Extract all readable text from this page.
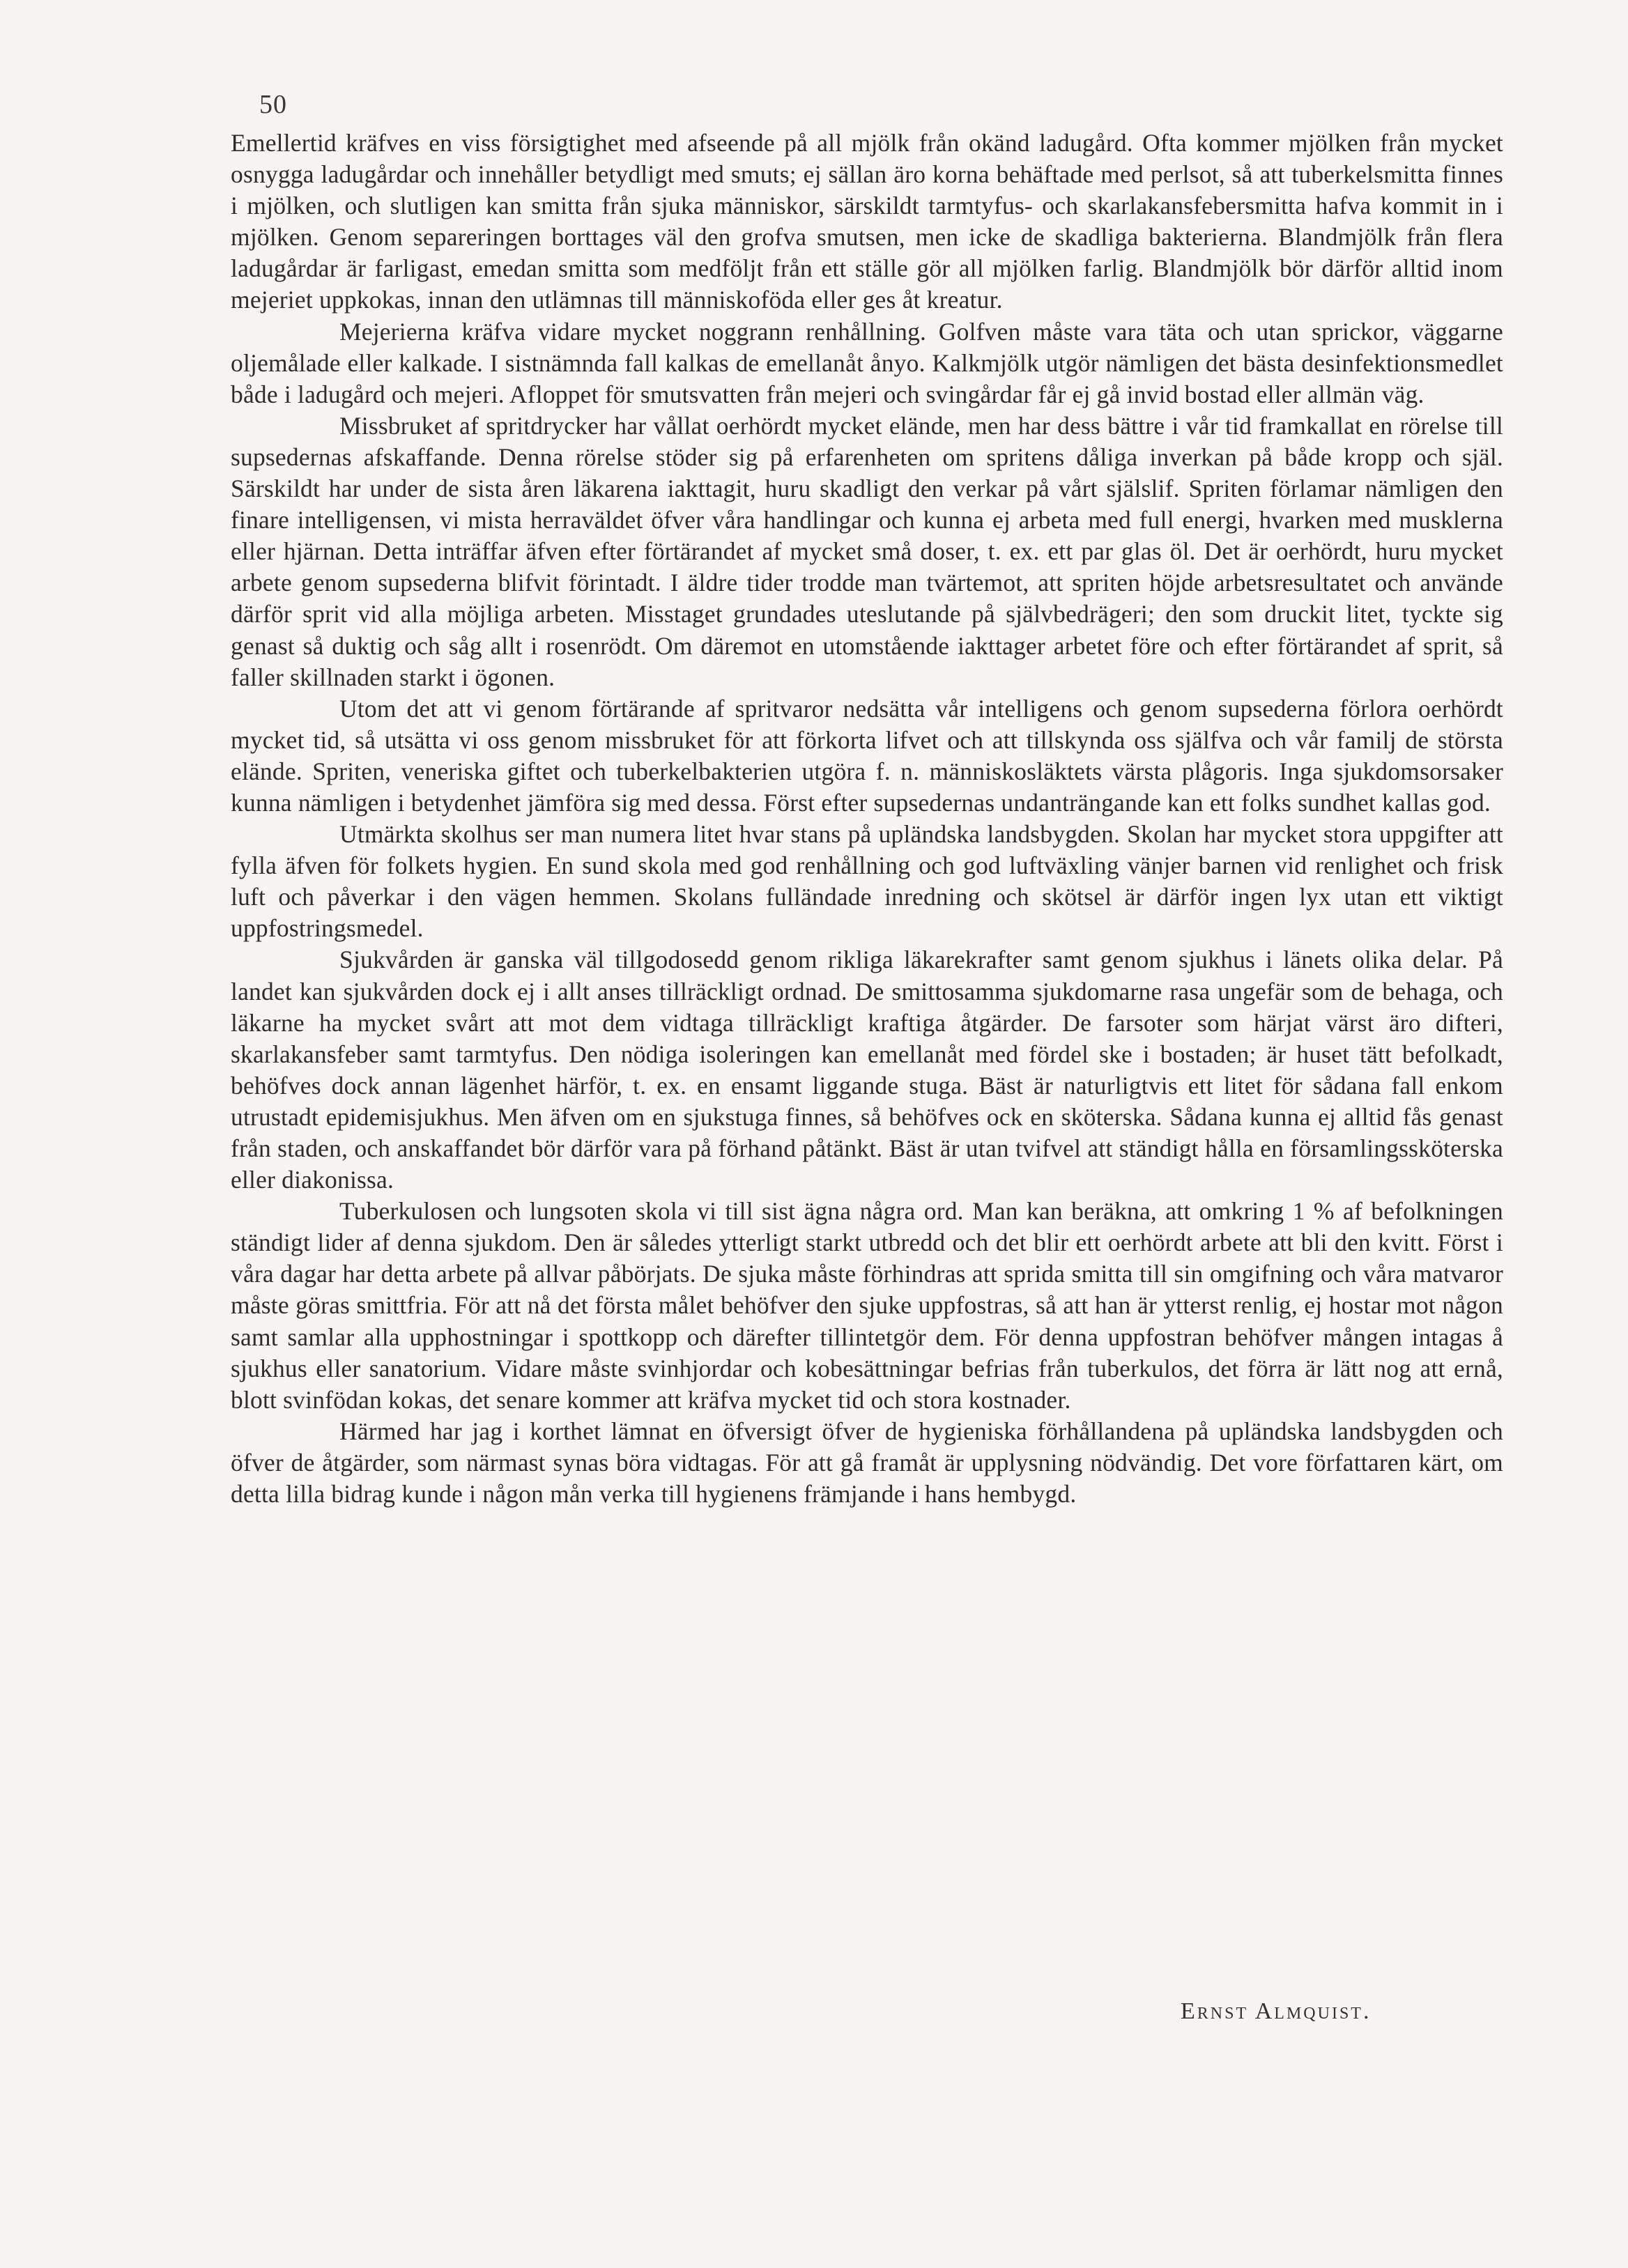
50

Emellertid kräfves en viss försigtighet med afseende på all mjölk från okänd ladugård. Ofta kommer mjölken från mycket osnygga ladugårdar och innehåller betydligt med smuts; ej sällan äro korna behäftade med perlsot, så att tuberkelsmitta finnes i mjölken, och slutligen kan smitta från sjuka människor, särskildt tarmtyfus- och skarlakansfebersmitta hafva kommit in i mjölken. Genom separeringen borttages väl den grofva smutsen, men icke de skadliga bakterierna. Blandmjölk från flera ladugårdar är farligast, emedan smitta som medföljt från ett ställe gör all mjölken farlig. Blandmjölk bör därför alltid inom mejeriet uppkokas, innan den utlämnas till människoföda eller ges åt kreatur.

Mejerierna kräfva vidare mycket noggrann renhållning. Golfven måste vara täta och utan sprickor, väggarne oljemålade eller kalkade. I sistnämnda fall kalkas de emellanåt ånyo. Kalkmjölk utgör nämligen det bästa desinfektionsmedlet både i ladugård och mejeri. Afloppet för smutsvatten från mejeri och svingårdar får ej gå invid bostad eller allmän väg.

Missbruket af spritdrycker har vållat oerhördt mycket elände, men har dess bättre i vår tid framkallat en rörelse till supsedernas afskaffande. Denna rörelse stöder sig på erfarenheten om spritens dåliga inverkan på både kropp och själ. Särskildt har under de sista åren läkarena iakttagit, huru skadligt den verkar på vårt själslif. Spriten förlamar nämligen den finare intelligensen, vi mista herraväldet öfver våra handlingar och kunna ej arbeta med full energi, hvarken med musklerna eller hjärnan. Detta inträffar äfven efter förtärandet af mycket små doser, t. ex. ett par glas öl. Det är oerhördt, huru mycket arbete genom supsederna blifvit förintadt. I äldre tider trodde man tvärtemot, att spriten höjde arbetsresultatet och använde därför sprit vid alla möjliga arbeten. Misstaget grundades uteslutande på självbedrägeri; den som druckit litet, tyckte sig genast så duktig och såg allt i rosenrödt. Om däremot en utomstående iakttager arbetet före och efter förtärandet af sprit, så faller skillnaden starkt i ögonen.

Utom det att vi genom förtärande af spritvaror nedsätta vår intelligens och genom supsederna förlora oerhördt mycket tid, så utsätta vi oss genom missbruket för att förkorta lifvet och att tillskynda oss själfva och vår familj de största elände. Spriten, veneriska giftet och tuberkelbakterien utgöra f. n. människosläktets värsta plågoris. Inga sjukdomsorsaker kunna nämligen i betydenhet jämföra sig med dessa. Först efter supsedernas undanträngande kan ett folks sundhet kallas god.

Utmärkta skolhus ser man numera litet hvar stans på upländska landsbygden. Skolan har mycket stora uppgifter att fylla äfven för folkets hygien. En sund skola med god renhållning och god luftväxling vänjer barnen vid renlighet och frisk luft och påverkar i den vägen hemmen. Skolans fulländade inredning och skötsel är därför ingen lyx utan ett viktigt uppfostringsmedel.

Sjukvården är ganska väl tillgodosedd genom rikliga läkarekrafter samt genom sjukhus i länets olika delar. På landet kan sjukvården dock ej i allt anses tillräckligt ordnad. De smittosamma sjukdomarne rasa ungefär som de behaga, och läkarne ha mycket svårt att mot dem vidtaga tillräckligt kraftiga åtgärder. De farsoter som härjat värst äro difteri, skarlakansfeber samt tarmtyfus. Den nödiga isoleringen kan emellanåt med fördel ske i bostaden; är huset tätt befolkadt, behöfves dock annan lägenhet härför, t. ex. en ensamt liggande stuga. Bäst är naturligtvis ett litet för sådana fall enkom utrustadt epidemisjukhus. Men äfven om en sjukstuga finnes, så behöfves ock en sköterska. Sådana kunna ej alltid fås genast från staden, och anskaffandet bör därför vara på förhand påtänkt. Bäst är utan tvifvel att ständigt hålla en församlingssköterska eller diakonissa.

Tuberkulosen och lungsoten skola vi till sist ägna några ord. Man kan beräkna, att omkring 1 % af befolkningen ständigt lider af denna sjukdom. Den är således ytterligt starkt utbredd och det blir ett oerhördt arbete att bli den kvitt. Först i våra dagar har detta arbete på allvar påbörjats. De sjuka måste förhindras att sprida smitta till sin omgifning och våra matvaror måste göras smittfria. För att nå det första målet behöfver den sjuke uppfostras, så att han är ytterst renlig, ej hostar mot någon samt samlar alla upphostningar i spottkopp och därefter tillintetgör dem. För denna uppfostran behöfver mången intagas å sjukhus eller sanatorium. Vidare måste svinhjordar och kobesättningar befrias från tuberkulos, det förra är lätt nog att ernå, blott svinfödan kokas, det senare kommer att kräfva mycket tid och stora kostnader.

Härmed har jag i korthet lämnat en öfversigt öfver de hygieniska förhållandena på upländska landsbygden och öfver de åtgärder, som närmast synas böra vidtagas. För att gå framåt är upplysning nödvändig. Det vore författaren kärt, om detta lilla bidrag kunde i någon mån verka till hygienens främjande i hans hembygd.

Ernst Almquist.
